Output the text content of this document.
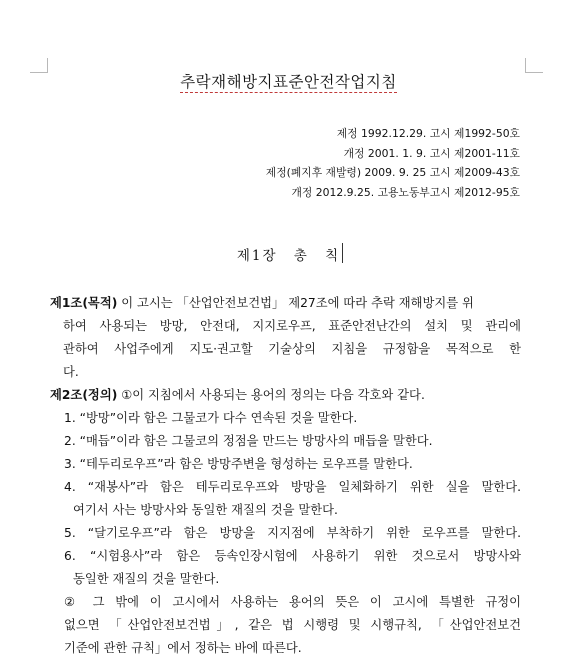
추락재해방지표준안전작업지침
제정 1992.12.29. 고시 제1992-50호
개정 2001. 1. 9. 고시 제2001-11호
제정(폐지후 재발령) 2009. 9. 25 고시 제2009-43호
개정 2012.9.25. 고용노동부고시 제2012-95호
제1장 총 칙
제1조(목적) 이 고시는 「산업안전보건법」 제27조에 따라 추락 재해방지를 위
하여 사용되는 방망, 안전대, 지지로우프, 표준안전난간의 설치 및 관리에
관하여 사업주에게 지도·권고할 기술상의 지침을 규정함을 목적으로 한
다.
제2조(정의) ①이 지침에서 사용되는 용어의 정의는 다음 각호와 같다.
1. “방망”이라 함은 그물코가 다수 연속된 것을 말한다.
2. “매듭”이라 함은 그물코의 정점을 만드는 방망사의 매듭을 말한다.
3. “테두리로우프”라 함은 방망주변을 형성하는 로우프를 말한다.
4. “재봉사”라 함은 테두리로우프와 방망을 일체화하기 위한 실을 말한다.
여기서 사는 방망사와 동일한 재질의 것을 말한다.
5. “달기로우프”라 함은 방망을 지지점에 부착하기 위한 로우프를 말한다.
6. “시험용사”라 함은 등속인장시험에 사용하기 위한 것으로서 방망사와
동일한 재질의 것을 말한다.
② 그 밖에 이 고시에서 사용하는 용어의 뜻은 이 고시에 특별한 규정이
없으면 「산업안전보건법」, 같은 법 시행령 및 시행규칙, 「산업안전보건
기준에 관한 규칙」에서 정하는 바에 따른다.
